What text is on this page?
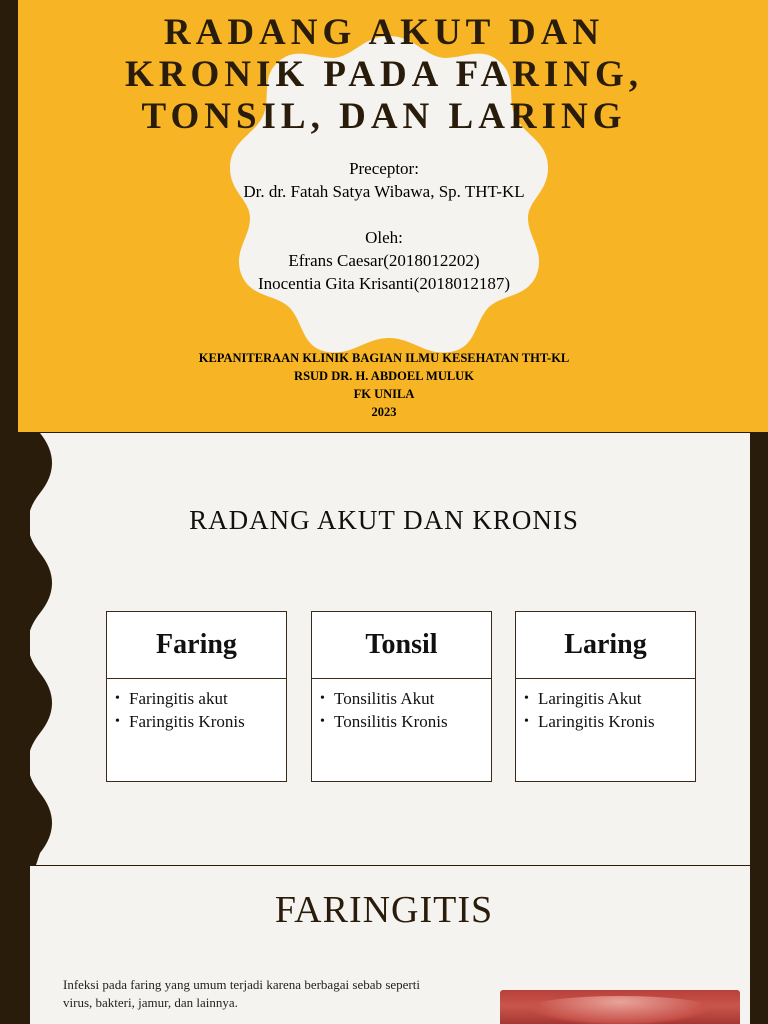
RADANG AKUT DAN
KRONIK PADA FARING,
TONSIL, DAN LARING
Preceptor:
Dr. dr. Fatah Satya Wibawa, Sp. THT-KL
Oleh:
Efrans Caesar(2018012202)
Inocentia Gita Krisanti(2018012187)
KEPANITERAAN KLINIK BAGIAN ILMU KESEHATAN THT-KL
RSUD DR. H. ABDOEL MULUK
FK UNILA
2023
RADANG AKUT DAN KRONIS
Faring
• Faringitis akut
• Faringitis Kronis
Tonsil
• Tonsilitis Akut
• Tonsilitis Kronis
Laring
• Laringitis Akut
• Laringitis Kronis
FARINGITIS

Infeksi pada faring yang umum terjadi karena berbagai sebab seperti virus, bakteri, jamur, dan lainnya.
